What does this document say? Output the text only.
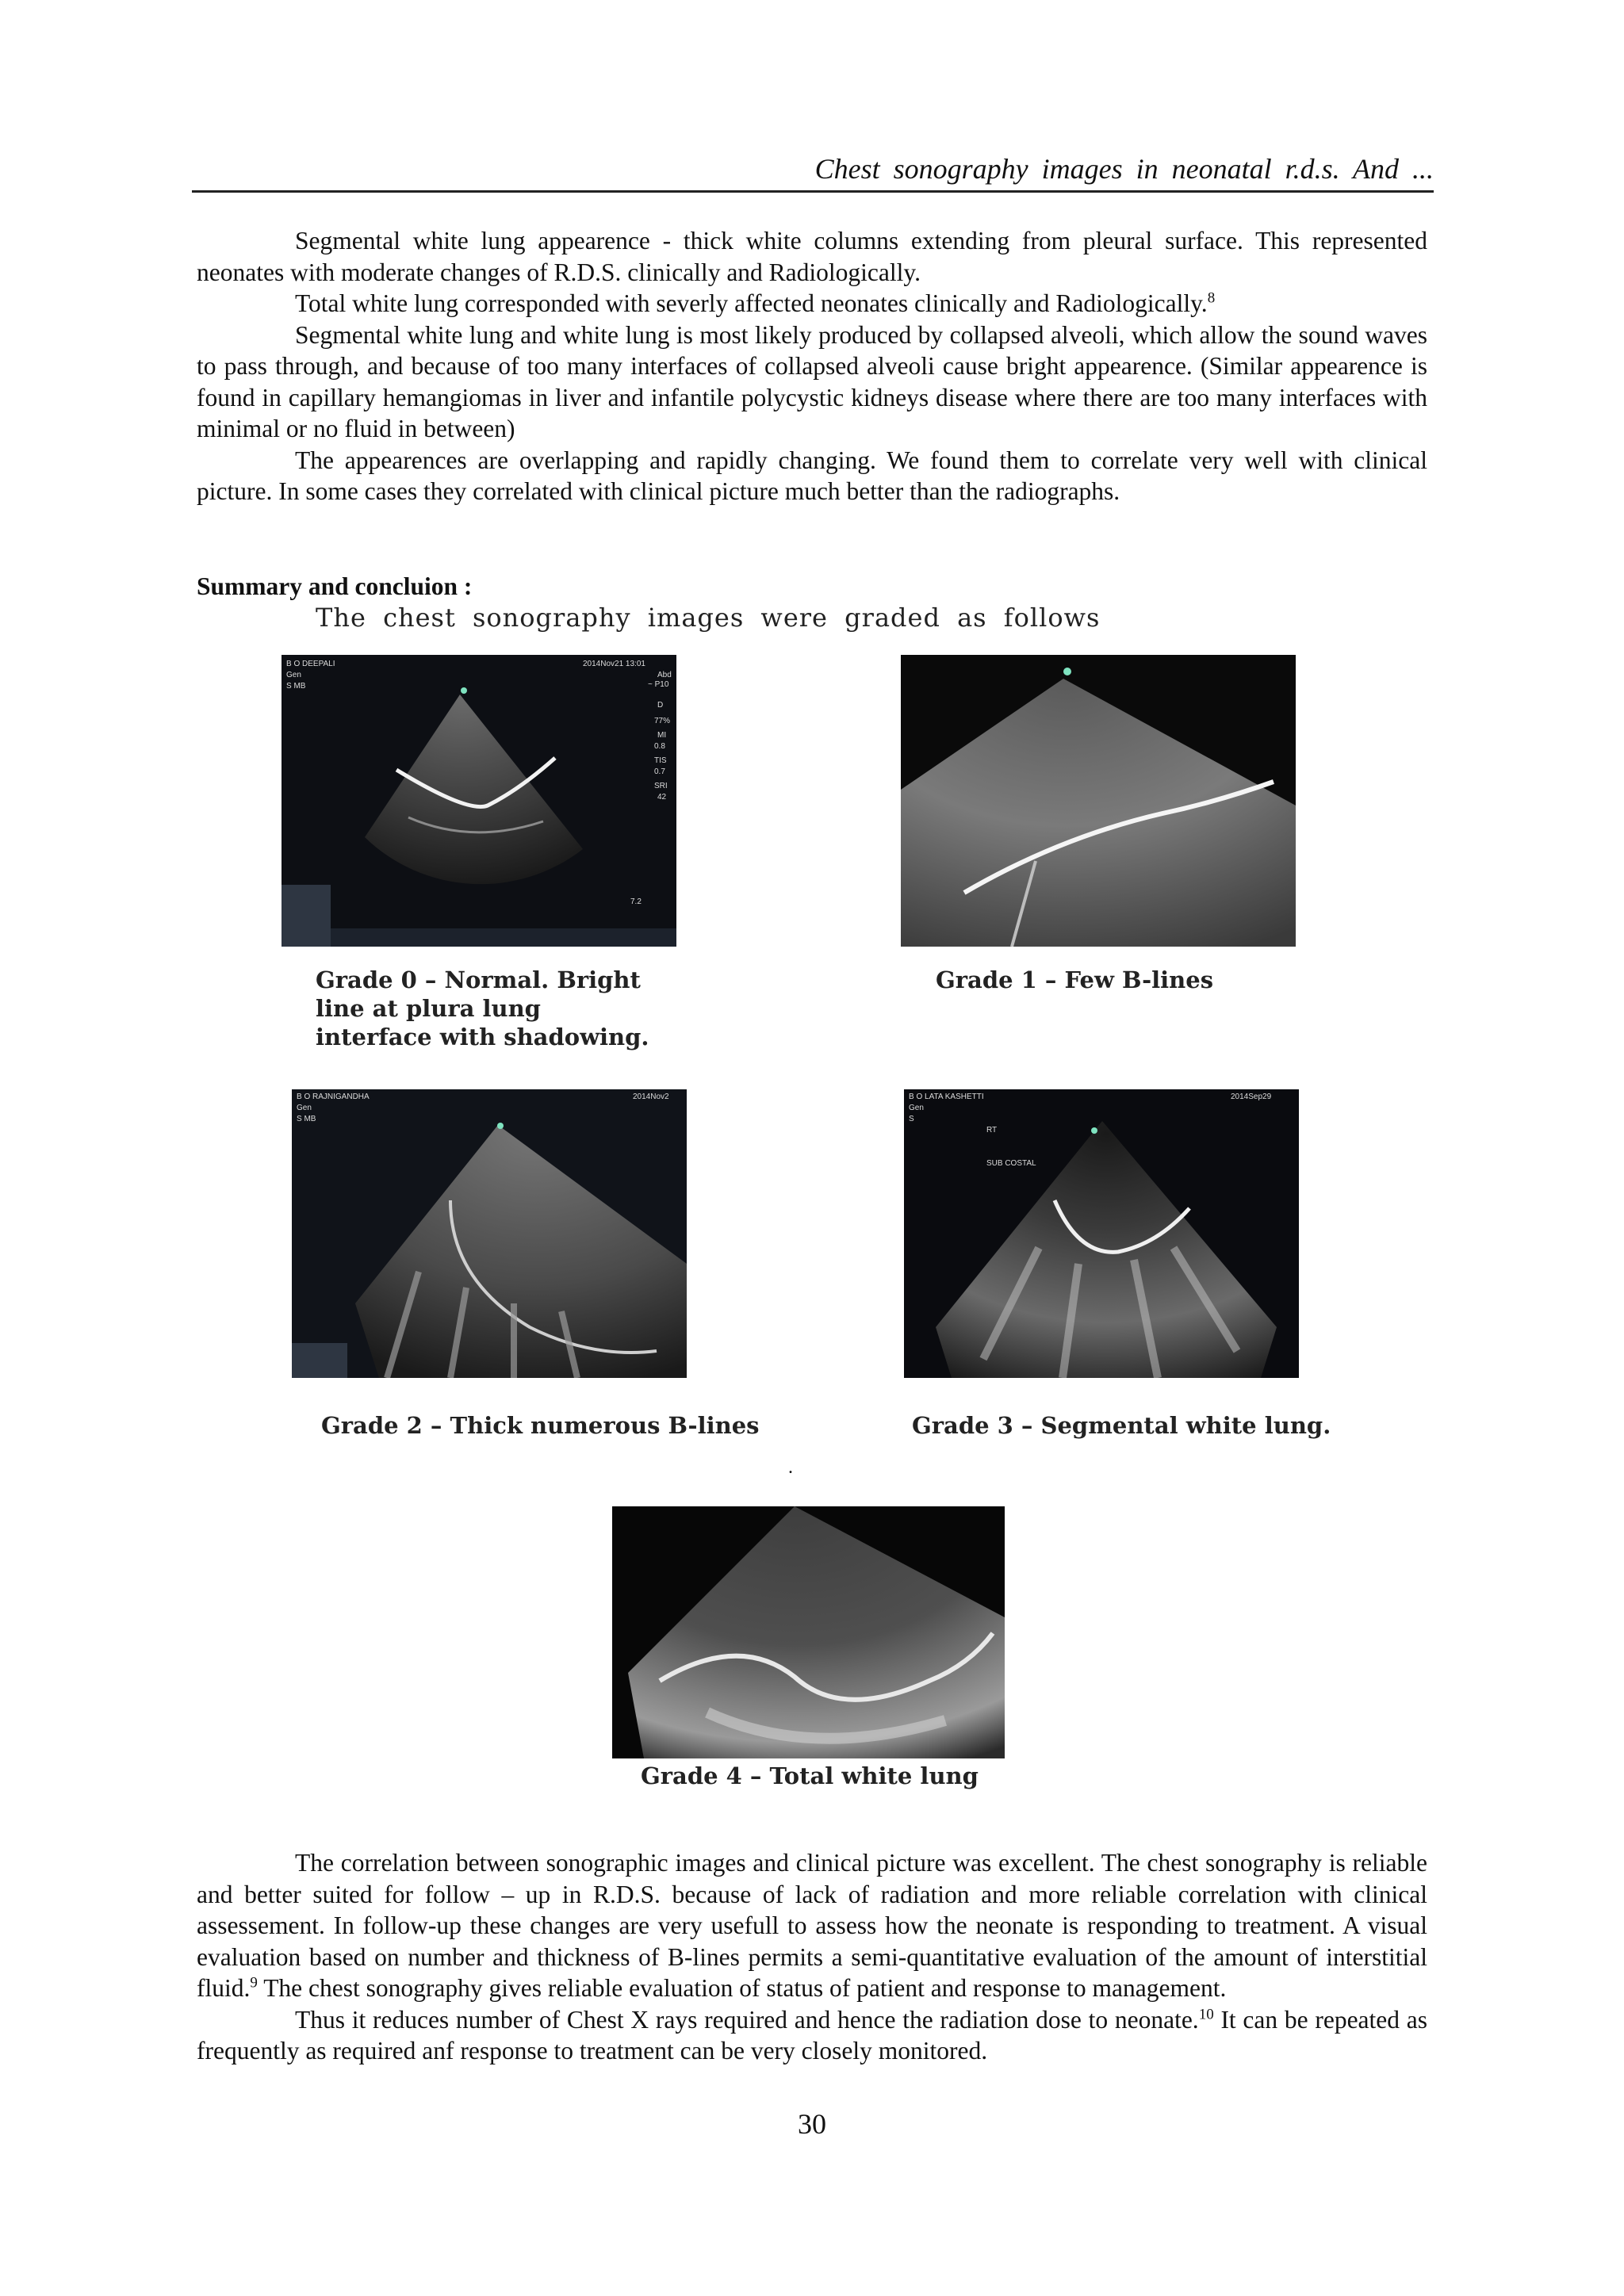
Chest sonography images in neonatal r.d.s. And ...

Segmental white lung appearence - thick white columns extending from pleural surface. This represented neonates with moderate changes of R.D.S. clinically and Radiologically.

Total white lung corresponded with severly affected neonates clinically and Radiologically.$^8$

Segmental white lung and white lung is most likely produced by collapsed alveoli, which allow the sound waves to pass through, and because of too many interfaces of collapsed alveoli cause bright appearence. (Similar appearence is found in capillary hemangiomas in liver and infantile polycystic kidneys disease where there are too many interfaces with minimal or no fluid in between)

The appearences are overlapping and rapidly changing. We found them to correlate very well with clinical picture. In some cases they correlated with clinical picture much better than the radiographs.

Summary and concluion :
The chest sonography images were graded as follows
B O DEEPALI	2014Nov21 13:01
Gen
S MB
Abd
~ P10
D
77%
MI
0.8
TIS
0.7
SRI
42
7.2
Grade 0 – Normal. Bright
line at plura lung
interface with shadowing.
Grade 1 – Few B-lines
B O RAJNIGANDHA	2014Nov2
Gen
S MB
Grade 2 – Thick numerous B-lines
B O LATA KASHETTI	2014Sep29
Gen
S
RT
SUB COSTAL
Grade 3 – Segmental white lung.
.
Grade 4 – Total white lung

The correlation between sonographic images and clinical picture was excellent. The chest sonography is reliable and better suited for follow – up in R.D.S. because of lack of radiation and more reliable correlation with clinical assessement. In follow-up these changes are very usefull to assess how the neonate is responding to treatment. A visual evaluation based on number and thickness of B-lines permits a semi-quantitative evaluation of the amount of interstitial fluid.$^9$ The chest sonography gives reliable evaluation of status of patient and response to management.

Thus it reduces number of Chest X rays required and hence the radiation dose to neonate.$^{10}$ It can be repeated as frequently as required anf response to treatment can be very closely monitored.

30
